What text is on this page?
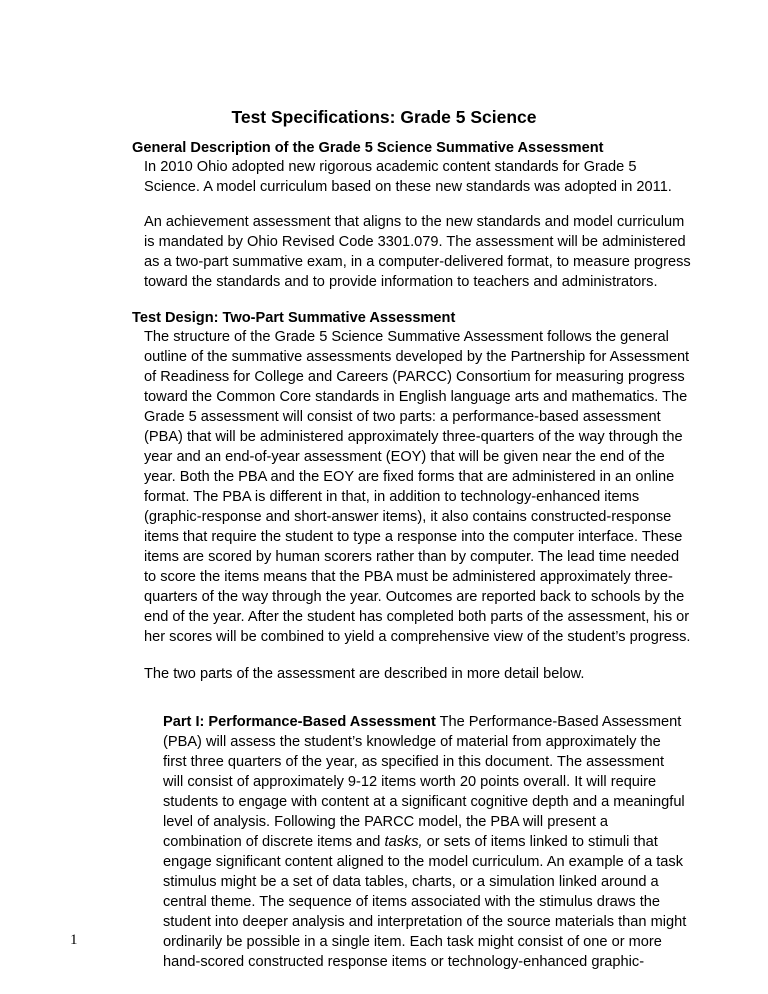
Test Specifications: Grade 5 Science
General Description of the Grade 5 Science Summative Assessment
In 2010 Ohio adopted new rigorous academic content standards for Grade 5
Science. A model curriculum based on these new standards was adopted in 2011.
An achievement assessment that aligns to the new standards and model curriculum
is mandated by Ohio Revised Code 3301.079. The assessment will be administered
as a two-part summative exam, in a computer-delivered format, to measure progress
toward the standards and to provide information to teachers and administrators.
Test Design: Two-Part Summative Assessment
The structure of the Grade 5 Science Summative Assessment follows the general
outline of the summative assessments developed by the Partnership for Assessment
of Readiness for College and Careers (PARCC) Consortium for measuring progress
toward the Common Core standards in English language arts and mathematics. The
Grade 5 assessment will consist of two parts: a performance-based assessment
(PBA) that will be administered approximately three-quarters of the way through the
year and an end-of-year assessment (EOY) that will be given near the end of the
year. Both the PBA and the EOY are fixed forms that are administered in an online
format. The PBA is different in that, in addition to technology-enhanced items
(graphic-response and short-answer items), it also contains constructed-response
items that require the student to type a response into the computer interface. These
items are scored by human scorers rather than by computer. The lead time needed
to score the items means that the PBA must be administered approximately three-
quarters of the way through the year. Outcomes are reported back to schools by the
end of the year. After the student has completed both parts of the assessment, his or
her scores will be combined to yield a comprehensive view of the student’s progress.
The two parts of the assessment are described in more detail below.
Part I: Performance-Based Assessment The Performance-Based Assessment
(PBA) will assess the student’s knowledge of material from approximately the
first three quarters of the year, as specified in this document. The assessment
will consist of approximately 9-12 items worth 20 points overall. It will require
students to engage with content at a significant cognitive depth and a meaningful
level of analysis. Following the PARCC model, the PBA will present a
combination of discrete items and tasks, or sets of items linked to stimuli that
engage significant content aligned to the model curriculum. An example of a task
stimulus might be a set of data tables, charts, or a simulation linked around a
central theme. The sequence of items associated with the stimulus draws the
student into deeper analysis and interpretation of the source materials than might
ordinarily be possible in a single item. Each task might consist of one or more
hand-scored constructed response items or technology-enhanced graphic-
1
